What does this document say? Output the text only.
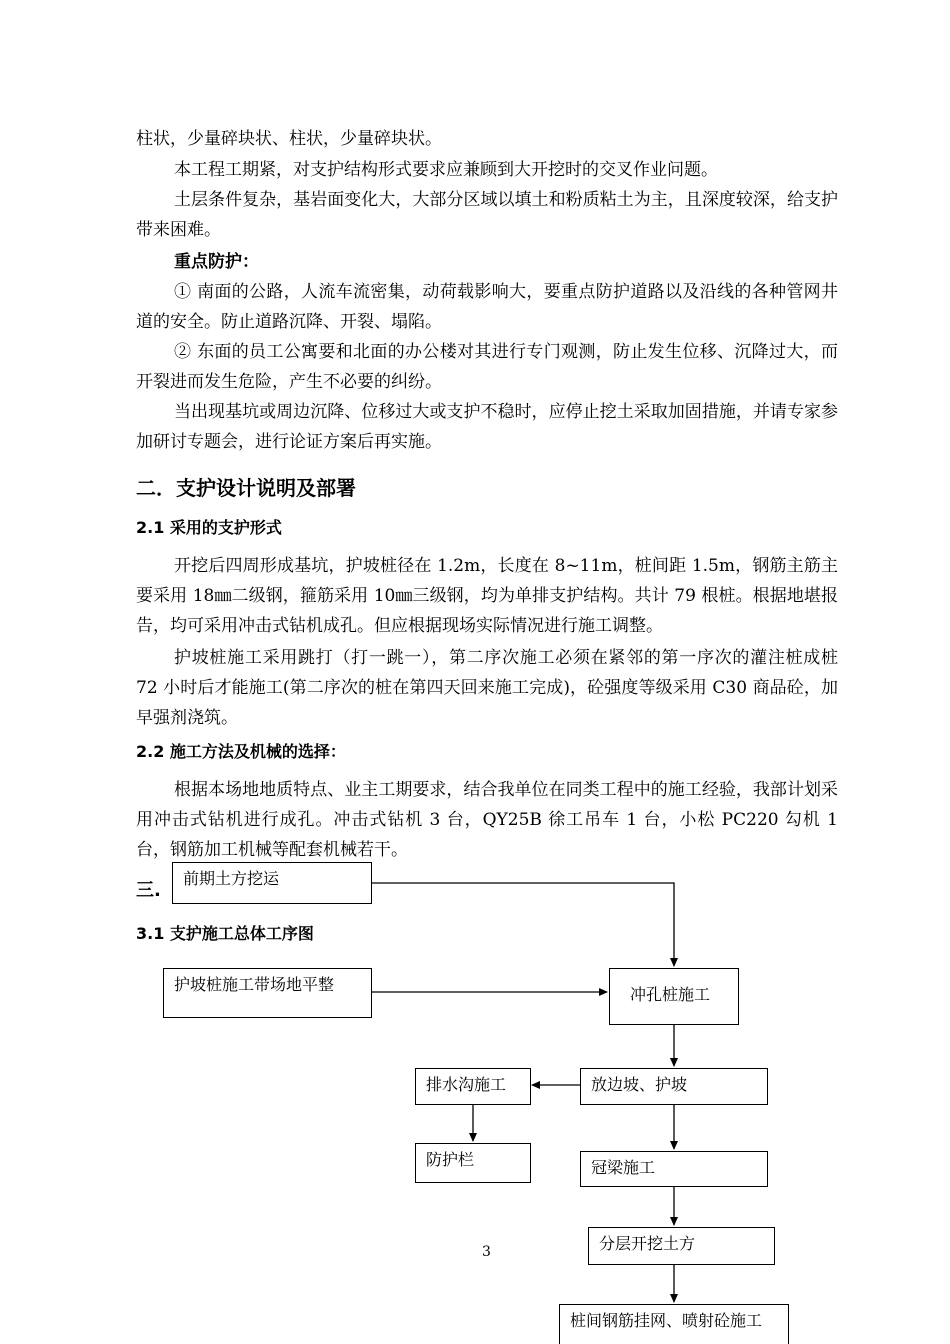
柱状，少量碎块状、柱状，少量碎块状。

本工程工期紧，对支护结构形式要求应兼顾到大开挖时的交叉作业问题。

土层条件复杂，基岩面变化大，大部分区域以填土和粉质粘土为主，且深度较深，给支护带来困难。

重点防护：

① 南面的公路，人流车流密集，动荷载影响大，要重点防护道路以及沿线的各种管网井道的安全。防止道路沉降、开裂、塌陷。

② 东面的员工公寓要和北面的办公楼对其进行专门观测，防止发生位移、沉降过大，而开裂进而发生危险，产生不必要的纠纷。

当出现基坑或周边沉降、位移过大或支护不稳时，应停止挖土采取加固措施，并请专家参加研讨专题会，进行论证方案后再实施。

二．支护设计说明及部署
2.1 采用的支护形式

开挖后四周形成基坑，护坡桩径在 1.2m，长度在 8~11m，桩间距 1.5m，钢筋主筋主要采用 18㎜二级钢，箍筋采用 10㎜三级钢，均为单排支护结构。共计 79 根桩。根据地堪报告，均可采用冲击式钻机成孔。但应根据现场实际情况进行施工调整。

护坡桩施工采用跳打（打一跳一），第二序次施工必须在紧邻的第一序次的灌注桩成桩 72 小时后才能施工(第二序次的桩在第四天回来施工完成)，砼强度等级采用 C30 商品砼，加早强剂浇筑。

2.2 施工方法及机械的选择：

根据本场地地质特点、业主工期要求，结合我单位在同类工程中的施工经验，我部计划采用冲击式钻机进行成孔。冲击式钻机 3 台，QY25B 徐工吊车 1 台，小松 PC220 勾机 1 台，钢筋加工机械等配套机械若干。

三.
3.1 支护施工总体工序图
前期土方挖运
护坡桩施工带场地平整
冲孔桩施工
排水沟施工	放边坡、护坡
防护栏	冠梁施工
分层开挖土方
桩间钢筋挂网、喷射砼施工
3
